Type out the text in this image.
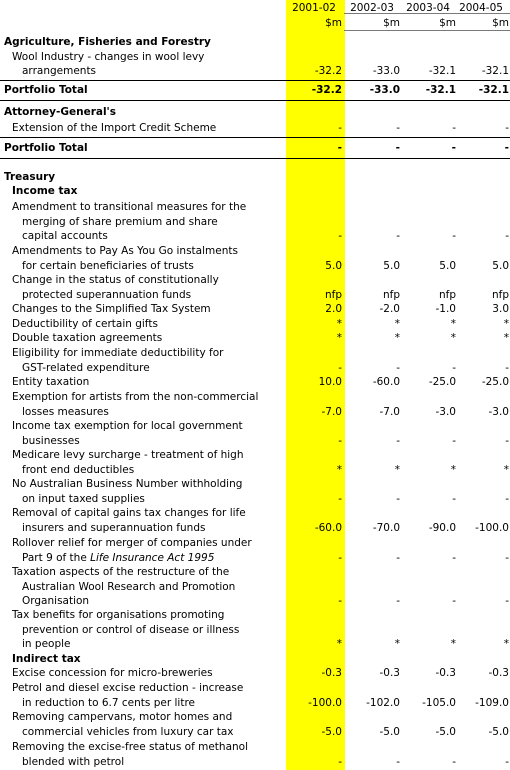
2001-02	2002-03	2003-04 2004-05
$m	$m	$m	$m
Agriculture, Fisheries and Forestry
Wool Industry - changes in wool levy
arrangements	-32.2	-33.0	-32.1	-32.1
Portfolio Total	-32.2	-33.0	-32.1	-32.1
Attorney-General's
Extension of the Import Credit Scheme	-	-	-	-
Portfolio Total	-	-	-	-
Treasury
Income tax
Indirect tax
Amendment to transitional measures for the
merging of share premium and share
capital accounts	-	-	-	-
Amendments to Pay As You Go instalments
for certain beneficiaries of trusts	5.0	5.0	5.0	5.0
Change in the status of constitutionally
protected superannuation funds	nfp	nfp	nfp	nfp
Changes to the Simplified Tax System	2.0	-2.0	-1.0	3.0
Deductibility of certain gifts	*	*	*	*
Double taxation agreements	*	*	*	*
Eligibility for immediate deductibility for
GST-related expenditure	-	-	-	-
Entity taxation	10.0	-60.0	-25.0	-25.0
Exemption for artists from the non-commercial
losses measures	-7.0	-7.0	-3.0	-3.0
Income tax exemption for local government
businesses	-	-	-	-
Medicare levy surcharge - treatment of high
front end deductibles	*	*	*	*
No Australian Business Number withholding
on input taxed supplies	-	-	-	-
Removal of capital gains tax changes for life
insurers and superannuation funds	-60.0	-70.0	-90.0	-100.0
Rollover relief for merger of companies under
Part 9 of the Life Insurance Act 1995	-	-	-	-
Taxation aspects of the restructure of the
Australian Wool Research and Promotion
Organisation	-	-	-	-
Tax benefits for organisations promoting
prevention or control of disease or illness
in people	*	*	*	*
Excise concession for micro-breweries	-0.3	-0.3	-0.3	-0.3
Petrol and diesel excise reduction - increase
in reduction to 6.7 cents per litre	-100.0	-102.0	-105.0	-109.0
Removing campervans, motor homes and
commercial vehicles from luxury car tax	-5.0	-5.0	-5.0	-5.0
Removing the excise-free status of methanol
blended with petrol	-	-	-	-
